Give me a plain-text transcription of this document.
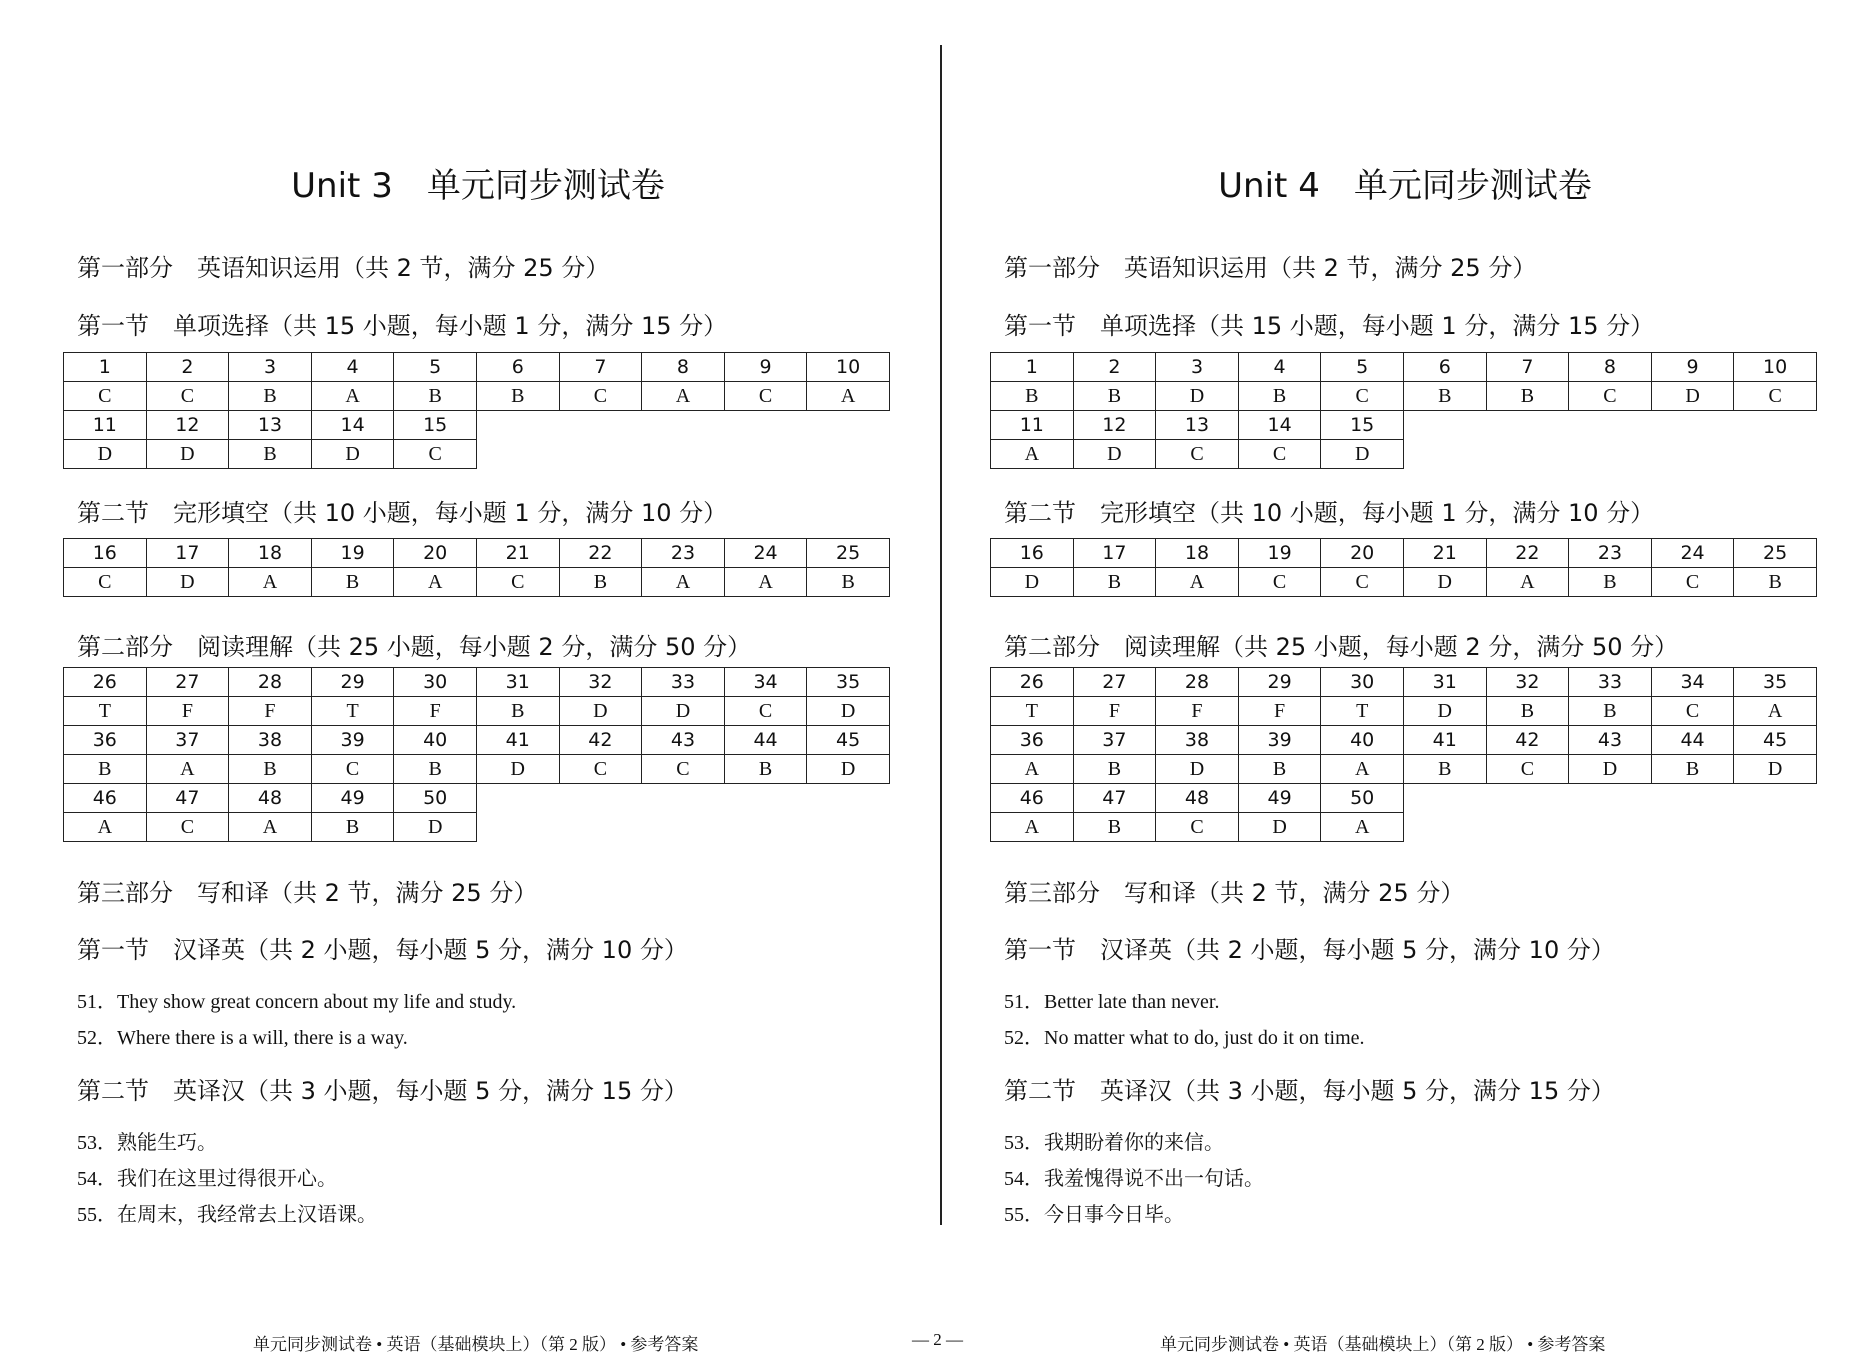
Unit 3　单元同步测试卷
第一部分　英语知识运用（共 2 节，满分 25 分）
第一节　单项选择（共 15 小题，每小题 1 分，满分 15 分）
1	2	3	4	5	6	7	8	9	10
C	C	B	A	B	B	C	A	C	A
11	12	13	14	15					
D	D	B	D	C					
第二节　完形填空（共 10 小题，每小题 1 分，满分 10 分）
16	17	18	19	20	21	22	23	24	25
C	D	A	B	A	C	B	A	A	B
第二部分　阅读理解（共 25 小题，每小题 2 分，满分 50 分）
26	27	28	29	30	31	32	33	34	35
T	F	F	T	F	B	D	D	C	D
36	37	38	39	40	41	42	43	44	45
B	A	B	C	B	D	C	C	B	D
46	47	48	49	50					
A	C	A	B	D					
第三部分　写和译（共 2 节，满分 25 分）
第一节　汉译英（共 2 小题，每小题 5 分，满分 10 分）
51．They show great concern about my life and study.
52．Where there is a will, there is a way.
第二节　英译汉（共 3 小题，每小题 5 分，满分 15 分）
53．熟能生巧。
54．我们在这里过得很开心。
55．在周末，我经常去上汉语课。
Unit 4　单元同步测试卷
第一部分　英语知识运用（共 2 节，满分 25 分）
第一节　单项选择（共 15 小题，每小题 1 分，满分 15 分）
1	2	3	4	5	6	7	8	9	10
B	B	D	B	C	B	B	C	D	C
11	12	13	14	15					
A	D	C	C	D					
第二节　完形填空（共 10 小题，每小题 1 分，满分 10 分）
16	17	18	19	20	21	22	23	24	25
D	B	A	C	C	D	A	B	C	B
第二部分　阅读理解（共 25 小题，每小题 2 分，满分 50 分）
26	27	28	29	30	31	32	33	34	35
T	F	F	F	T	D	B	B	C	A
36	37	38	39	40	41	42	43	44	45
A	B	D	B	A	B	C	D	B	D
46	47	48	49	50					
A	B	C	D	A					
第三部分　写和译（共 2 节，满分 25 分）
第一节　汉译英（共 2 小题，每小题 5 分，满分 10 分）
51．Better late than never.
52．No matter what to do, just do it on time.
第二节　英译汉（共 3 小题，每小题 5 分，满分 15 分）
53．我期盼着你的来信。
54．我羞愧得说不出一句话。
55．今日事今日毕。
单元同步测试卷 • 英语（基础模块上）（第 2 版） • 参考答案	— 2 —	单元同步测试卷 • 英语（基础模块上）（第 2 版） • 参考答案
